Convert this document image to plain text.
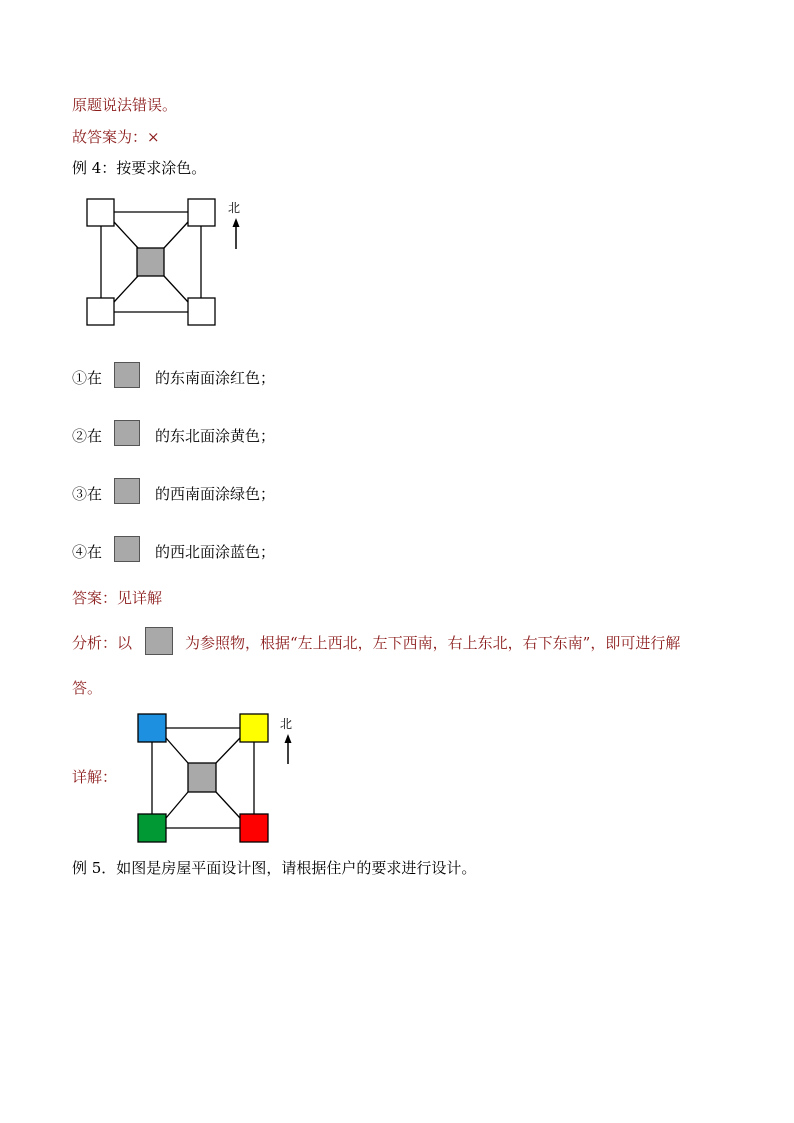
原题说法错误。
故答案为：×
例 4：按要求涂色。
北
①在	的东南面涂红色；
②在	的东北面涂黄色；
③在	的西南面涂绿色；
④在	的西北面涂蓝色；
答案：见详解
分析：以	为参照物，根据“左上西北，左下西南，右上东北，右下东南”，即可进行解
答。
详解：
北
例 5．如图是房屋平面设计图，请根据住户的要求进行设计。
